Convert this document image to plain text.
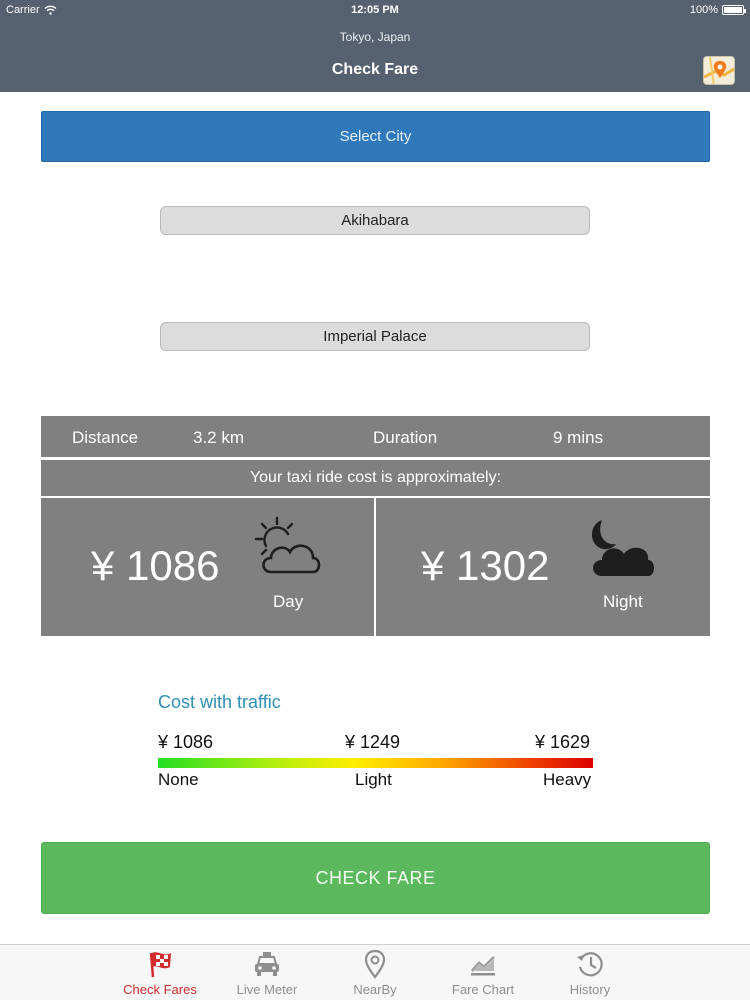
Carrier	12:05 PM	100%
Tokyo, Japan
Check Fare
Select City
Akihabara
Imperial Palace
Distance	3.2 km	Duration	9 mins
Your taxi ride cost is approximately:
¥ 1086
Day
¥ 1302
Night
Cost with traffic
¥ 1086	¥ 1249	¥ 1629
None	Light	Heavy
CHECK FARE
Check Fares	Live Meter	NearBy	Fare Chart	History
